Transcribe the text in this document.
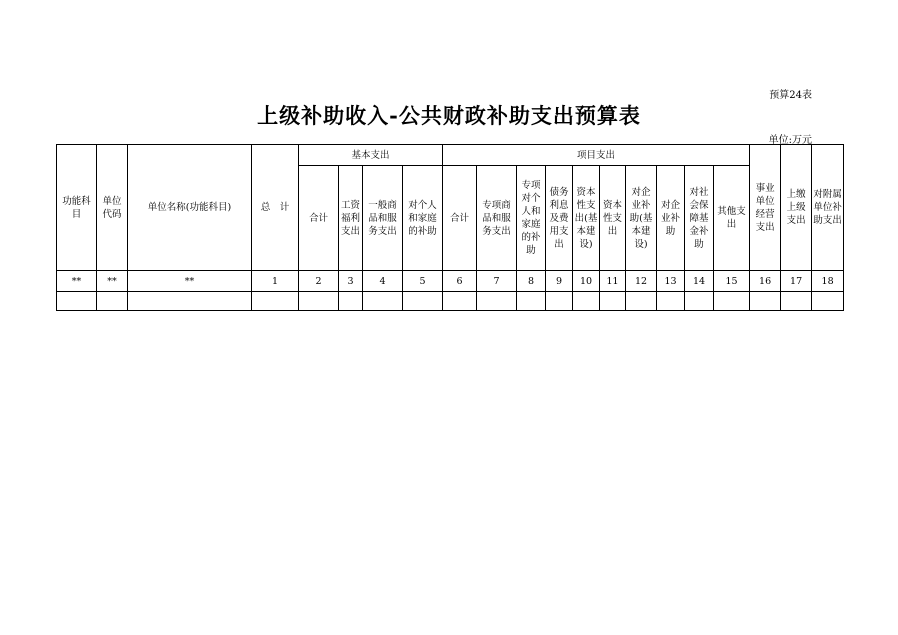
预算24表
上级补助收入-公共财政补助支出预算表
单位:万元
功能科目	单位代码	单位名称(功能科目)	总　计	基本支出				项目支出										事业单位经营支出	上缴上级支出	对附属单位补助支出
				合计	工资福利支出	一般商品和服务支出	对个人和家庭的补助	合计	专项商品和服务支出	专项对个人和家庭的补助	债务利息及费用支出	资本性支出(基本建设)	资本性支出	对企业补助(基本建设)	对企业补助	对社会保障基金补助	其他支出			
**	**	**	1	2	3	4	5	6	7	8	9	10	11	12	13	14	15	16	17	18
